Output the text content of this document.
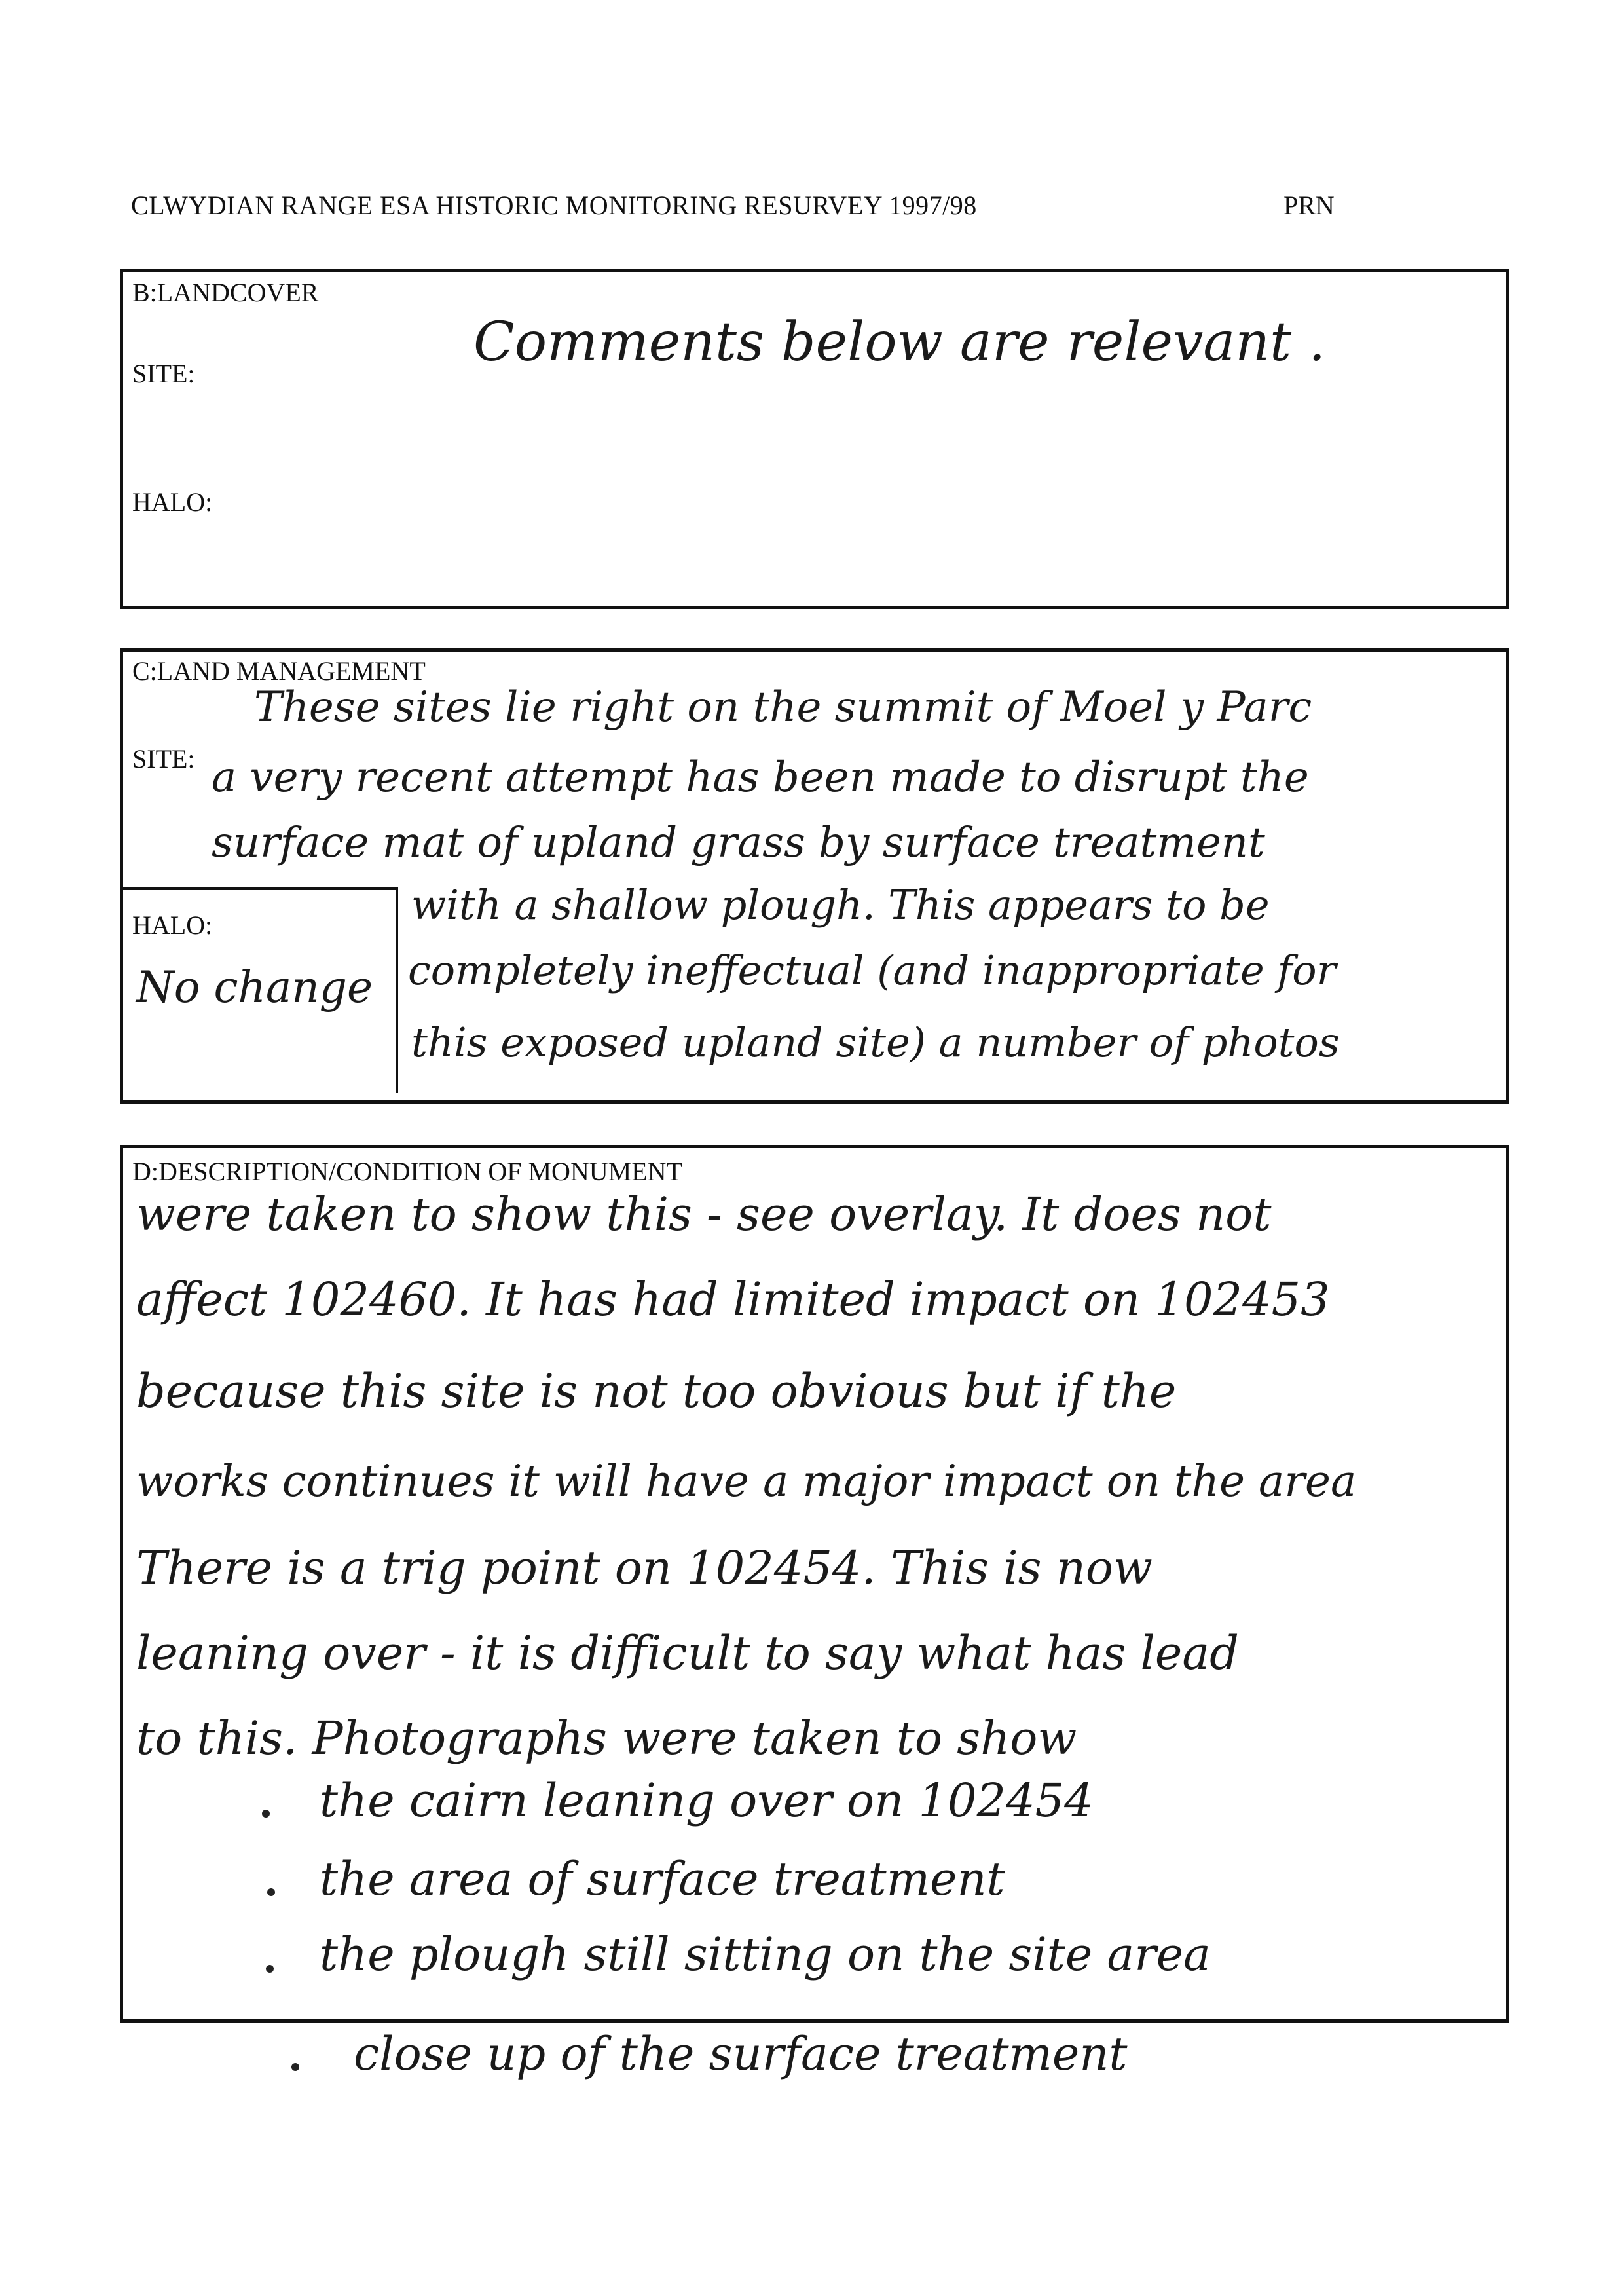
CLWYDIAN RANGE ESA HISTORIC MONITORING RESURVEY 1997/98	PRN
B:LANDCOVER
SITE:
HALO:
Comments below are relevant .
C:LAND MANAGEMENT
SITE:
HALO:
No change
These sites lie right on the summit of Moel y Parc
a very recent attempt has been made to disrupt the
surface mat of upland grass by surface treatment
with a shallow plough. This appears to be
completely ineffectual (and inappropriate for
this exposed upland site) a number of photos
D:DESCRIPTION/CONDITION OF MONUMENT
were taken to show this - see overlay. It does not
affect 102460. It has had limited impact on 102453
because this site is not too obvious but if the
works continues it will have a major impact on the area
There is a trig point on 102454. This is now
leaning over - it is difficult to say what has lead
to this. Photographs were taken to show
the cairn leaning over on 102454
the area of surface treatment
the plough still sitting on the site area
close up of the surface treatment
